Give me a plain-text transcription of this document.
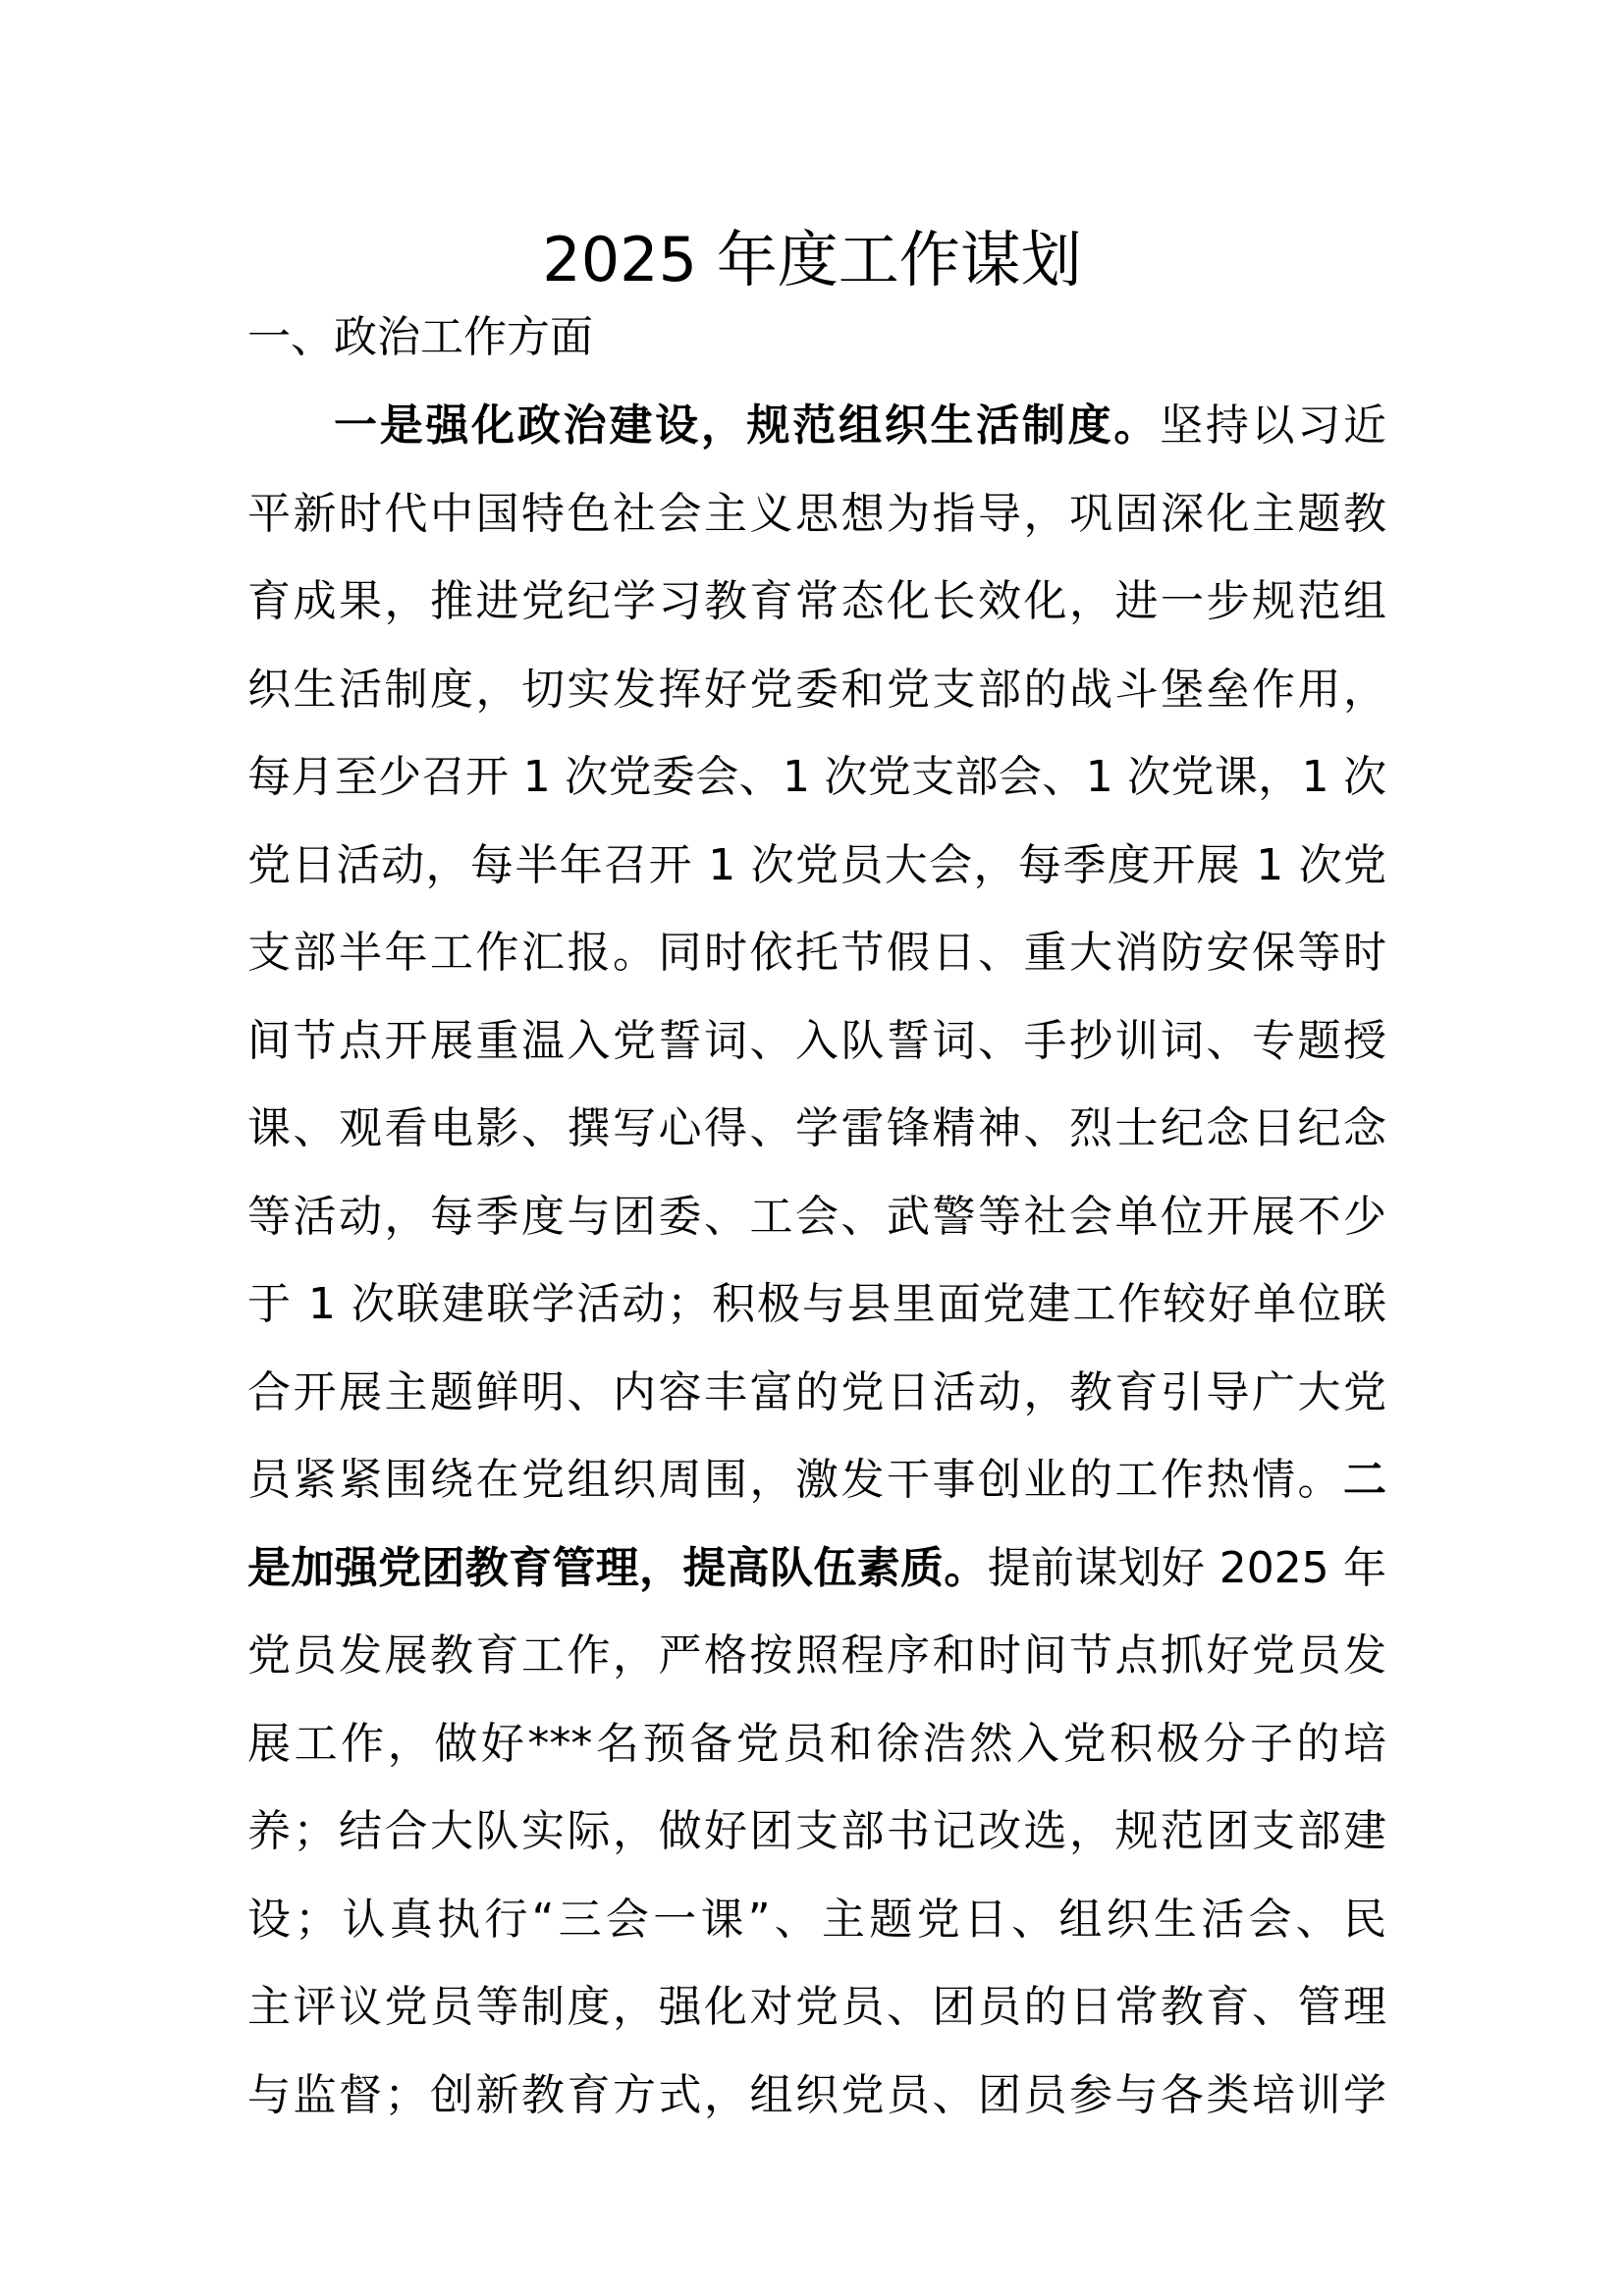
2025 年度工作谋划
一、政治工作方面
一是强化政治建设，规范组织生活制度。坚持以习近
平新时代中国特色社会主义思想为指导，巩固深化主题教
育成果，推进党纪学习教育常态化长效化，进一步规范组
织生活制度，切实发挥好党委和党支部的战斗堡垒作用，
每月至少召开 1 次党委会、1 次党支部会、1 次党课，1 次
党日活动，每半年召开 1 次党员大会，每季度开展 1 次党
支部半年工作汇报。同时依托节假日、重大消防安保等时
间节点开展重温入党誓词、入队誓词、手抄训词、专题授
课、观看电影、撰写心得、学雷锋精神、烈士纪念日纪念
等活动，每季度与团委、工会、武警等社会单位开展不少
于 1 次联建联学活动；积极与县里面党建工作较好单位联
合开展主题鲜明、内容丰富的党日活动，教育引导广大党
员紧紧围绕在党组织周围，激发干事创业的工作热情。二
是加强党团教育管理，提高队伍素质。提前谋划好 2025 年
党员发展教育工作，严格按照程序和时间节点抓好党员发
展工作，做好***名预备党员和徐浩然入党积极分子的培
养；结合大队实际，做好团支部书记改选，规范团支部建
设；认真执行“三会一课”、主题党日、组织生活会、民
主评议党员等制度，强化对党员、团员的日常教育、管理
与监督；创新教育方式，组织党员、团员参与各类培训学
